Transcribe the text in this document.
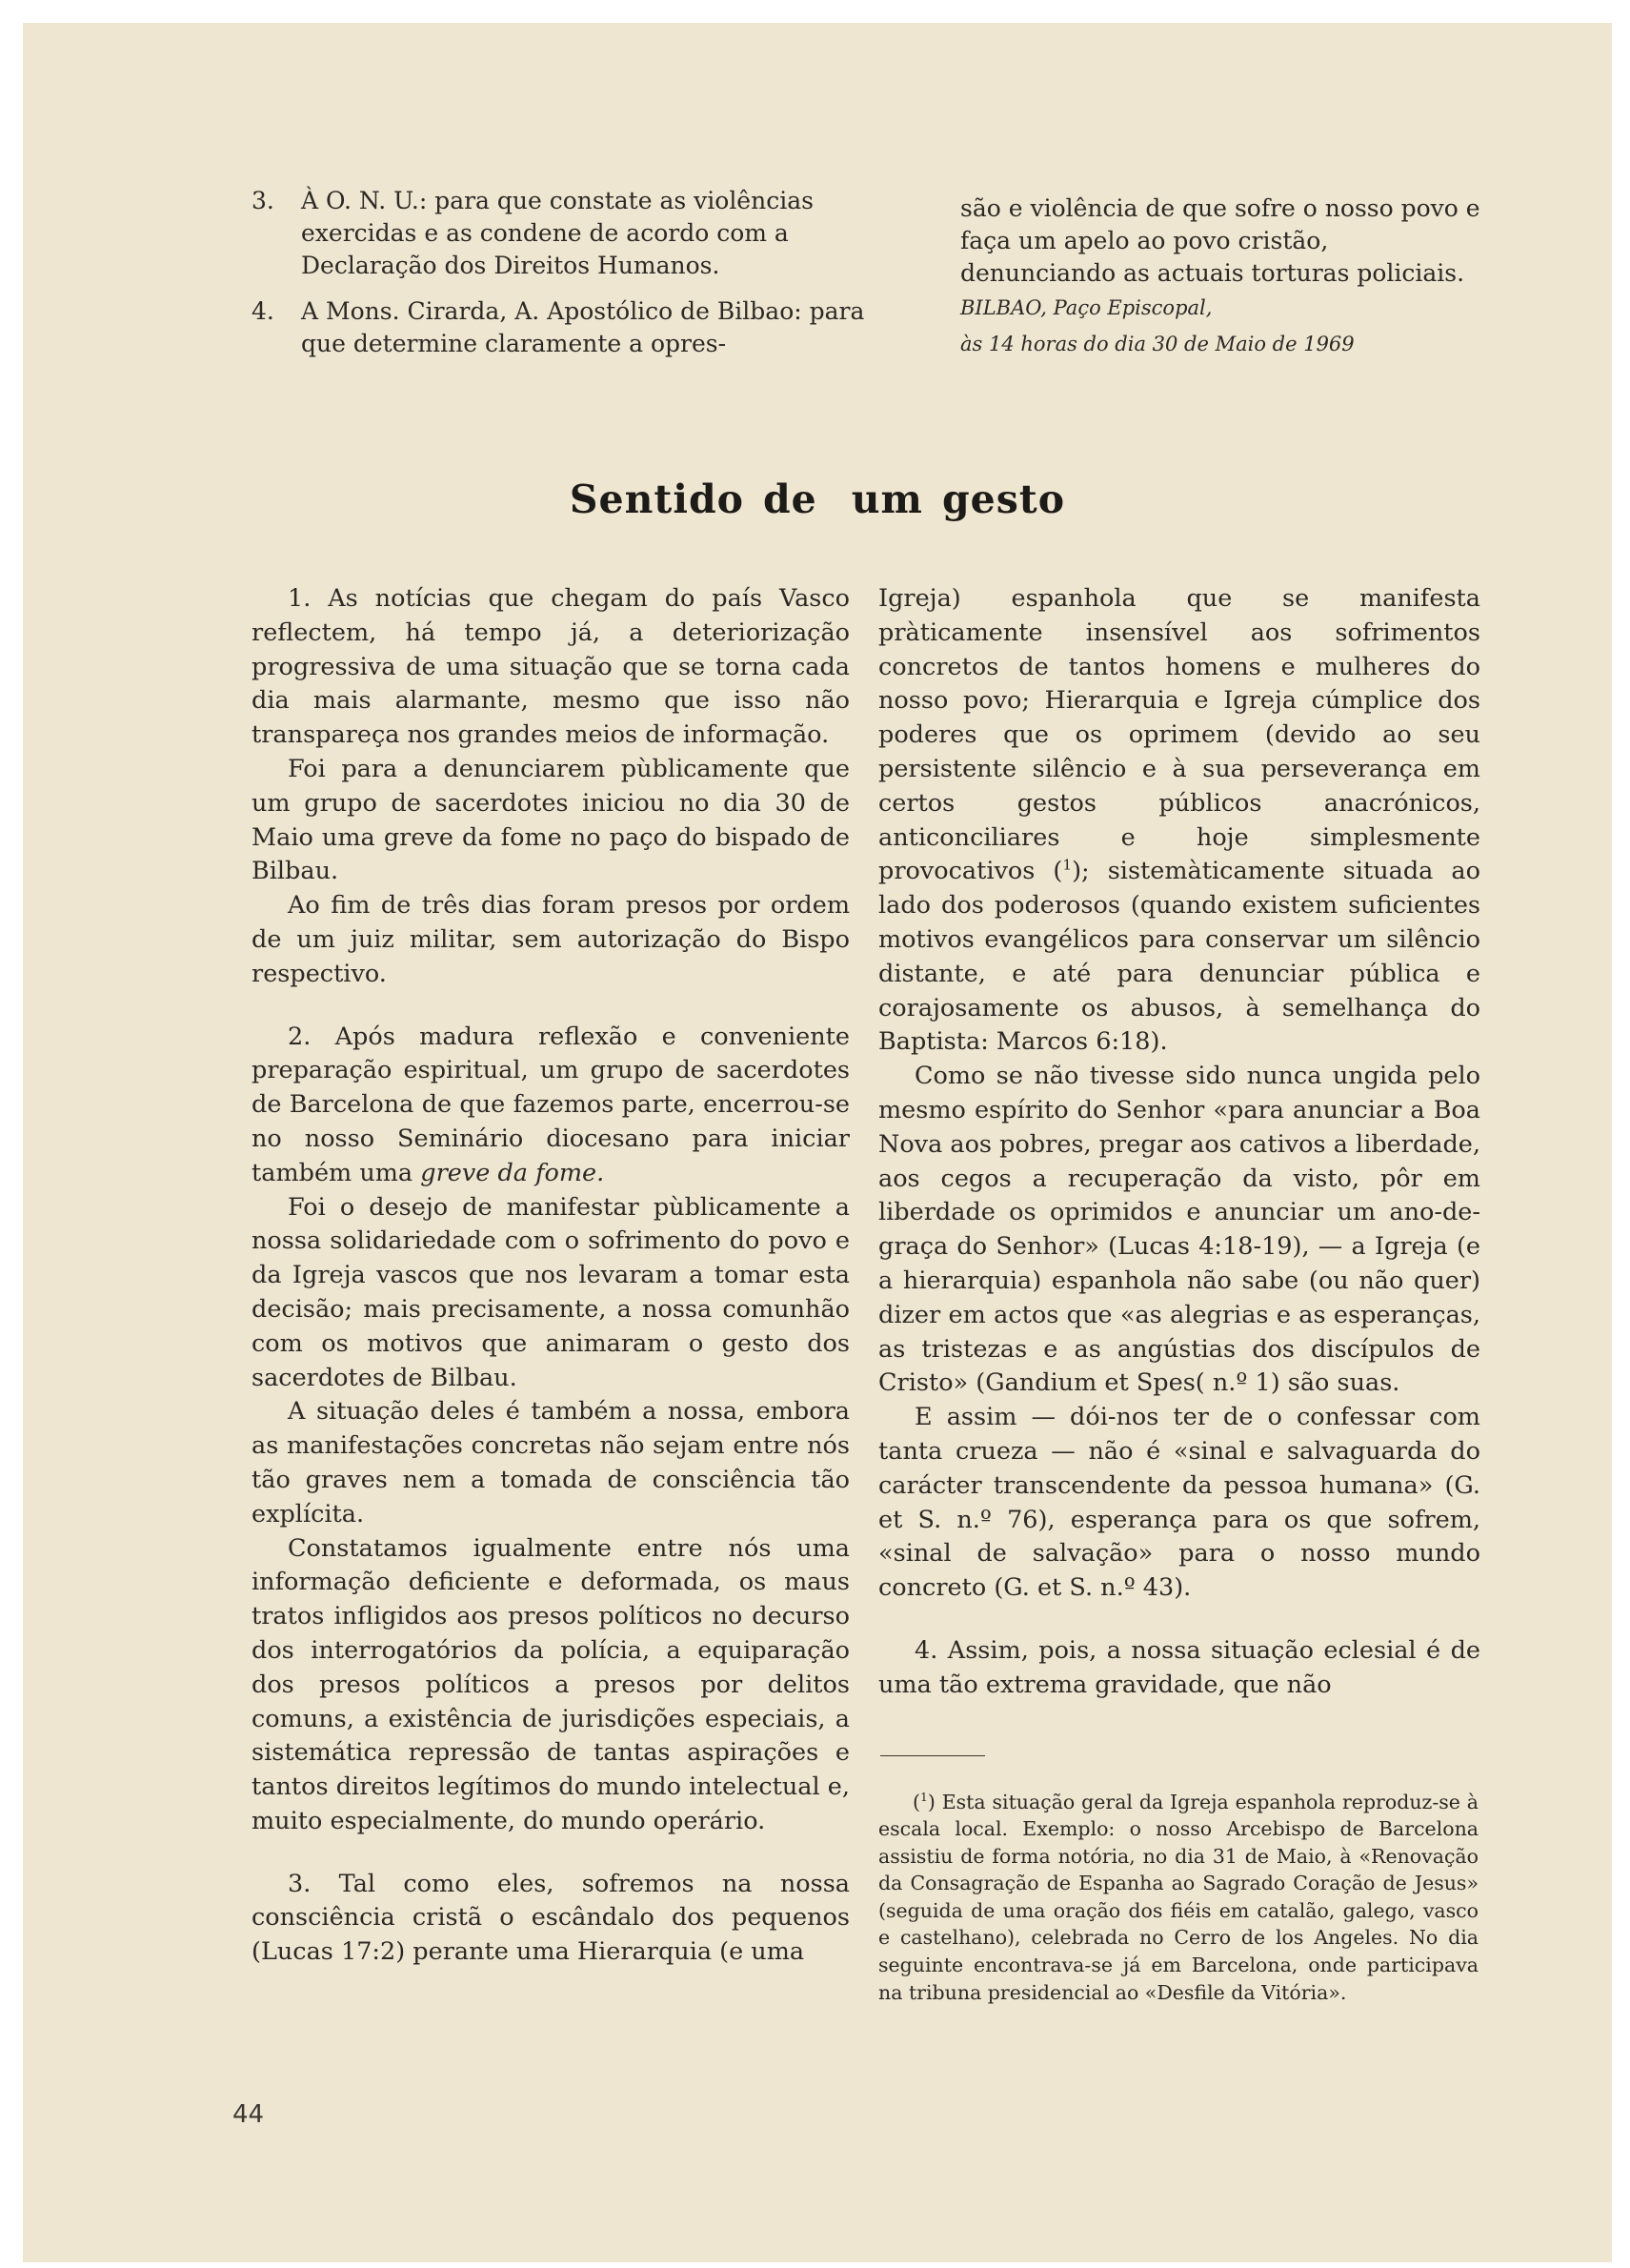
3.	À O. N. U.: para que constate as violências exercidas e as condene de acordo com a Declaração dos Direitos Humanos.

4.	A Mons. Cirarda, A. Apostólico de Bilbao: para que determine claramente a opres-

são e violência de que sofre o nosso povo e faça um apelo ao povo cristão, denunciando as actuais torturas policiais.

BILBAO, Paço Episcopal,

às 14 horas do dia 30 de Maio de 1969

Sentido de um gesto

1. As notícias que chegam do país Vasco reflectem, há tempo já, a deteriorização progressiva de uma situação que se torna cada dia mais alarmante, mesmo que isso não transpareça nos grandes meios de informação.

Foi para a denunciarem pùblicamente que um grupo de sacerdotes iniciou no dia 30 de Maio uma greve da fome no paço do bispado de Bilbau.

Ao fim de três dias foram presos por ordem de um juiz militar, sem autorização do Bispo respectivo.

2. Após madura reflexão e conveniente preparação espiritual, um grupo de sacerdotes de Barcelona de que fazemos parte, encerrou-se no nosso Seminário diocesano para iniciar também uma greve da fome.

Foi o desejo de manifestar pùblicamente a nossa solidariedade com o sofrimento do povo e da Igreja vascos que nos levaram a tomar esta decisão; mais precisamente, a nossa comunhão com os motivos que animaram o gesto dos sacerdotes de Bilbau.

A situação deles é também a nossa, embora as manifestações concretas não sejam entre nós tão graves nem a tomada de consciência tão explícita.

Constatamos igualmente entre nós uma informação deficiente e deformada, os maus tratos infligidos aos presos políticos no decurso dos interrogatórios da polícia, a equiparação dos presos políticos a presos por delitos comuns, a existência de jurisdições especiais, a sistemática repressão de tantas aspirações e tantos direitos legítimos do mundo intelectual e, muito especialmente, do mundo operário.

3. Tal como eles, sofremos na nossa consciência cristã o escândalo dos pequenos (Lucas 17:2) perante uma Hierarquia (e uma

Igreja) espanhola que se manifesta pràticamente insensível aos sofrimentos concretos de tantos homens e mulheres do nosso povo; Hierarquia e Igreja cúmplice dos poderes que os oprimem (devido ao seu persistente silêncio e à sua perseverança em certos gestos públicos anacrónicos, anticonciliares e hoje simplesmente provocativos ($^1$); sistemàticamente situada ao lado dos poderosos (quando existem suficientes motivos evangélicos para conservar um silêncio distante, e até para denunciar pública e corajosamente os abusos, à semelhança do Baptista: Marcos 6:18).

Como se não tivesse sido nunca ungida pelo mesmo espírito do Senhor «para anunciar a Boa Nova aos pobres, pregar aos cativos a liberdade, aos cegos a recuperação da visto, pôr em liberdade os oprimidos e anunciar um ano-de-graça do Senhor» (Lucas 4:18-19), — a Igreja (e a hierarquia) espanhola não sabe (ou não quer) dizer em actos que «as alegrias e as esperanças, as tristezas e as angústias dos discípulos de Cristo» (Gandium et Spes( n.º 1) são suas.

E assim — dói-nos ter de o confessar com tanta crueza — não é «sinal e salvaguarda do carácter transcendente da pessoa humana» (G. et S. n.º 76), esperança para os que sofrem, «sinal de salvação» para o nosso mundo concreto (G. et S. n.º 43).

4. Assim, pois, a nossa situação eclesial é de uma tão extrema gravidade, que não

($^1$) Esta situação geral da Igreja espanhola reproduz-se à escala local. Exemplo: o nosso Arcebispo de Barcelona assistiu de forma notória, no dia 31 de Maio, à «Renovação da Consagração de Espanha ao Sagrado Coração de Jesus» (seguida de uma oração dos fiéis em catalão, galego, vasco e castelhano), celebrada no Cerro de los Angeles. No dia seguinte encontrava-se já em Barcelona, onde participava na tribuna presidencial ao «Desfile da Vitória».

44
